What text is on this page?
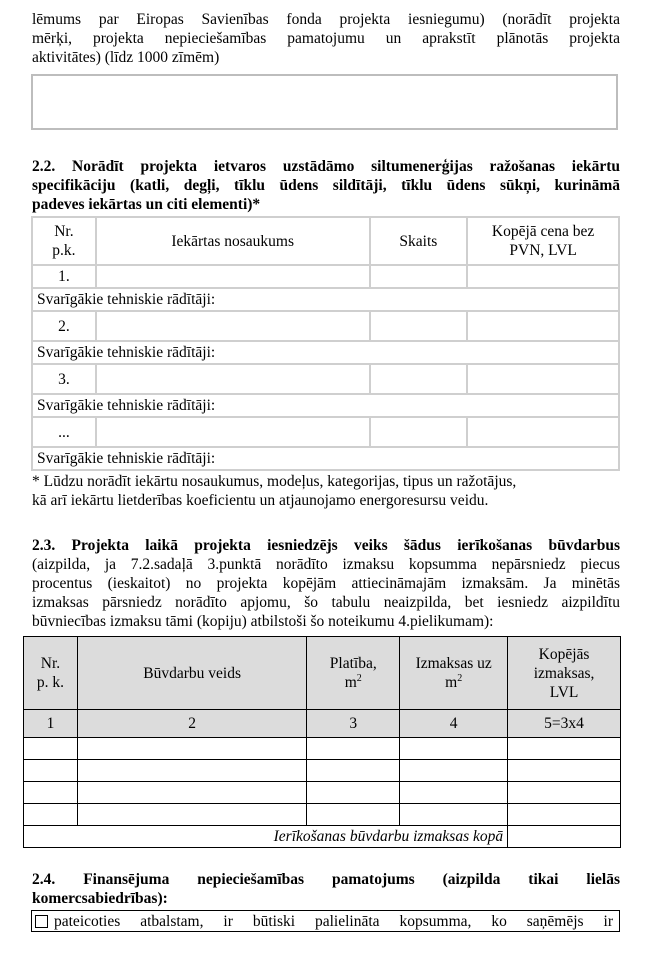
lēmums par Eiropas Savienības fonda projekta iesniegumu) (norādīt projekta
mērķi, projekta nepieciešamības pamatojumu un aprakstīt plānotās projekta
aktivitātes) (līdz 1000 zīmēm)
2.2. Norādīt projekta ietvaros uzstādāmo siltumenerģijas ražošanas iekārtu
specifikāciju (katli, degļi, tīklu ūdens sildītāji, tīklu ūdens sūkņi, kurināmā
padeves iekārtas un citi elementi)*
Nr.
p.k.	Iekārtas nosaukums	Skaits	Kopējā cena bez
PVN, LVL

1.			
Svarīgākie tehniskie rādītāji:			
2.			
Svarīgākie tehniskie rādītāji:			
3.			
Svarīgākie tehniskie rādītāji:			
...			
Svarīgākie tehniskie rādītāji:			
* Lūdzu norādīt iekārtu nosaukumus, modeļus, kategorijas, tipus un ražotājus,
kā arī iekārtu lietderības koeficientu un atjaunojamo energoresursu veidu.
2.3. Projekta laikā projekta iesniedzējs veiks šādus ierīkošanas būvdarbus
(aizpilda, ja 7.2.sadaļā 3.punktā norādīto izmaksu kopsumma nepārsniedz piecus
procentus (ieskaitot) no projekta kopējām attiecināmajām izmaksām. Ja minētās
izmaksas pārsniedz norādīto apjomu, šo tabulu neaizpilda, bet iesniedz aizpildītu
būvniecības izmaksu tāmi (kopiju) atbilstoši šo noteikumu 4.pielikumam):
Nr.
p. k.	Būvdarbu veids	Platība,
$m^2$	Izmaksas uz
$m^2$	Kopējās
izmaksas,
LVL

1	2	3	4	5=3x4

Ierīkošanas būvdarbu izmaksas kopā				
2.4. Finansējuma nepieciešamības pamatojums (aizpilda tikai lielās
komercsabiedrības):
pateicoties atbalstam, ir būtiski palielināta kopsumma, ko saņēmējs ir
